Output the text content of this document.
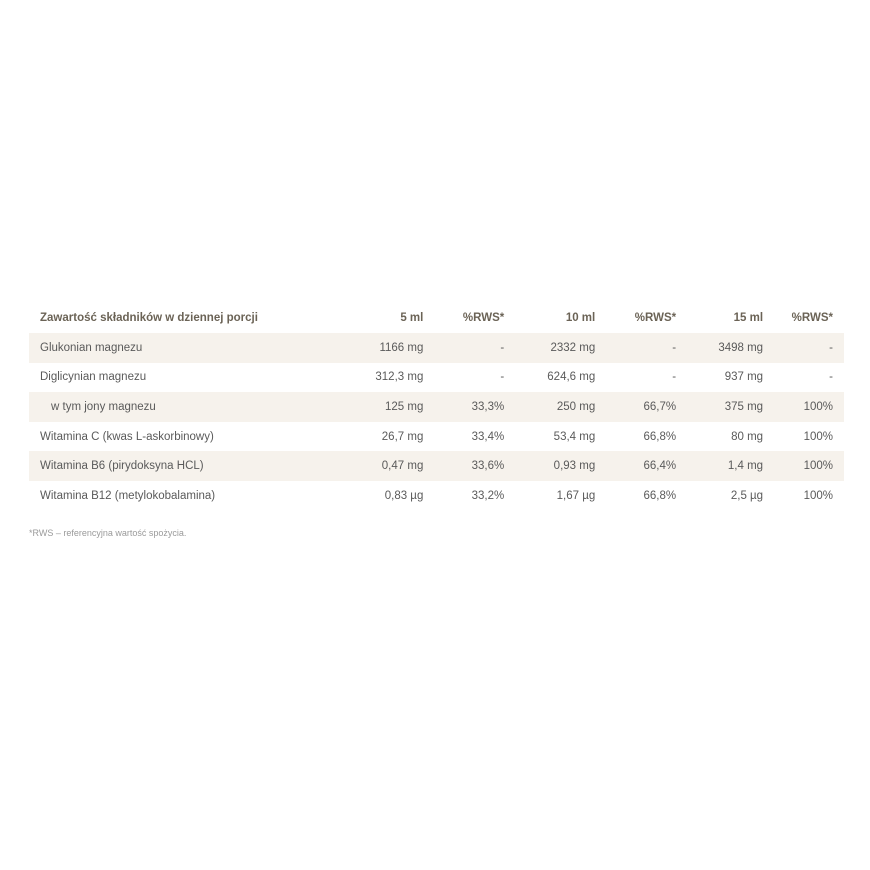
Zawartość składników w dziennej porcji	5 ml	%RWS*	10 ml	%RWS*	15 ml	%RWS*
Glukonian magnezu	1166 mg	-	2332 mg	-	3498 mg	-
Diglicynian magnezu	312,3 mg	-	624,6 mg	-	937 mg	-
w tym jony magnezu	125 mg	33,3%	250 mg	66,7%	375 mg	100%
Witamina C (kwas L-askorbinowy)	26,7 mg	33,4%	53,4 mg	66,8%	80 mg	100%
Witamina B6 (pirydoksyna HCL)	0,47 mg	33,6%	0,93 mg	66,4%	1,4 mg	100%
Witamina B12 (metylokobalamina)	0,83 µg	33,2%	1,67 µg	66,8%	2,5 µg	100%
*RWS – referencyjna wartość spożycia.
